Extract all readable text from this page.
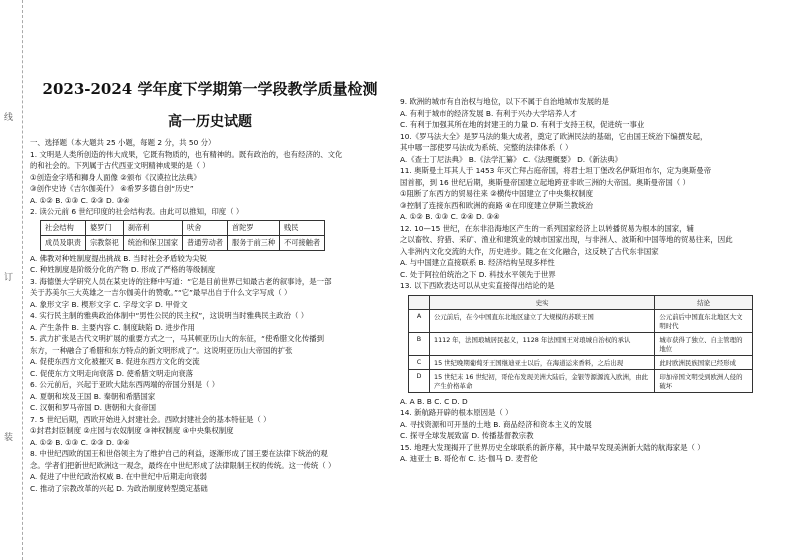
线
订
装
2023-2024 学年度下学期第一学段教学质量检测
高一历史试题
一、选择题（本大题共 25 小题，每题 2 分，共 50 分）
1. 文明是人类所创造的伟大成果，它既有物质的，也有精神的。既有政治的，也有经济的、文化
的和社会的。下列属于古代西亚文明精神成果的是（ ）
①创造金字塔和狮身人面像 ②颁布《汉谟拉比法典》
③创作史诗《吉尔伽美什》 ④希罗多德自创“历史”
A. ①② B. ①③ C. ②③ D. ③④
2. 读公元前 6 世纪印度的社会结构表。由此可以推知，印度（ ）
社会结构	婆罗门	刹帝利	吠舍	首陀罗	贱民
成员及职责	宗教祭祀	统治和保卫国家	普通劳动者	服务于前三种	不可接触者
A. 佛教对种姓制度提出挑战 B. 当时社会矛盾较为尖锐
C. 种姓制度是阶级分化的产物 D. 形成了严格的等级制度
3. 海德堡大学研究人员在某史诗的注释中写道：“它是目前世界已知最古老的叙事诗，是一部
关于苏美尔三大英雄之一吉尔伽美什的赞歌。”“它”最早出自于什么文字写成（ ）
A. 象形文字 B. 楔形文字 C. 字母文字 D. 甲骨文
4. 实行民主制的雅典政治体制中“男性公民的民主权”，这说明当时雅典民主政治（ ）
A. 产生条件 B. 主要内容 C. 制度缺陷 D. 进步作用
5. 武力扩张是古代文明扩展的重要方式之一，马其顿亚历山大的东征，“使希腊文化传播到
东方，一种融合了希腊和东方特点的新文明形成了”。这说明亚历山大帝国的扩张
A. 促使东西方文化被摧灭 B. 促进东西方文化的交流
C. 促使东方文明走向衰落 D. 使希腊文明走向衰落
6. 公元前后，兴起于亚欧大陆东西两端的帝国分别是（ ）
A. 夏朝和埃及王国 B. 秦朝和希腊国家
C. 汉朝和罗马帝国 D. 唐朝和大食帝国
7. 5 世纪后期，西欧开始进入封建社会。西欧封建社会的基本特征是（ ）
①封君封臣制度 ②庄园与农奴制度 ③神权制度 ④中央集权制度
A. ①② B. ①③ C. ②③ D. ③④
8. 中世纪西欧的国王和世俗领主为了维护自己的利益，逐渐形成了国王要在法律下统治的观
念。学者们把新世纪欧洲这一观念，最终在中世纪形成了法律限制王权的传统。这一传统（ ）
A. 促进了中世纪政治权威 B. 在中世纪中后期走向衰弱
C. 推动了宗教改革的兴起 D. 为政治制度转型奠定基础
9. 欧洲的城市有自治权与地位，以下不属于自治地城市发展的是
A. 有利于城市的经济发展 B. 有利于兴办大学培养人才
C. 有利于加强其所在地的封建王的力量 D. 有利于支持王权，促进统一事业
10.《罗马法大全》是罗马法的集大成者，奠定了欧洲民法的基础，它由国王统治下编撰发起，
其中哪一部使罗马法成为系统、完整的法律体系（ ）
A.《查士丁尼法典》 B.《法学汇纂》 C.《法理概要》 D.《新法典》
11. 奥斯曼土耳其人于 1453 年灭亡拜占庭帝国，将君士坦丁堡改名伊斯坦布尔，定为奥斯曼帝
国首都，到 16 世纪后期，奥斯曼帝国建立起地跨亚非欧三洲的大帝国。奥斯曼帝国（ ）
①阻断了东西方的贸易往来 ②横传中国建立了中央集权制度
③控制了连接东西和欧洲的商路 ④在印度建立伊斯兰教统治
A. ①② B. ①③ C. ②④ D. ③④
12. 10—15 世纪，在东非沿海地区产生的一系列国家经济上以转播贸易为根本的国家，辅
之以畜牧、狩猎、采矿、渔业和建筑业的城市国家出现，与非洲人、波斯和中国等地的贸易往来，因此
入非洲内文化交流的大作，历史进步。随之在文化融合，这反映了古代东非国家
A. 与中国建立直接联系 B. 经济结构呈现多样性
C. 处于阿拉伯统治之下 D. 科技水平领先于世界
13. 以下西欧表达可以从史实直接得出结论的是
	史实	结论
A	公元前后，在今中国直东北地区建立了大规模的苏联王国	公元前后中国直东北地区大文明时代
B	1112 年，法国琅城居民起义，1128 年法国国王对琅城自治权的承认	城市获得了独立、自主管理的地位
C	15 世纪晚期葡萄牙王国继迪亚士以后，在海道运来香料，之后出现	此时欧洲民族国家已经形成
D	15 世纪末 16 世纪初，哥伦布发现美洲大陆后，金银等源源流入欧洲，由此产生价格革命	印加帝国文明受到欧洲人侵的破坏
A. A B. B C. C D. D
14. 新航路开辟的根本原因是（ ）
A. 寻找资源和可开垦的土地 B. 商品经济和资本主义的发展
C. 探寻全球发展致富 D. 传播基督教宗教
15. 地理大发现揭开了世界历史全球联系的新序幕，其中最早发现美洲新大陆的航海家是（ ）
A. 迪亚士 B. 哥伦布 C. 达·伽马 D. 麦哲伦
